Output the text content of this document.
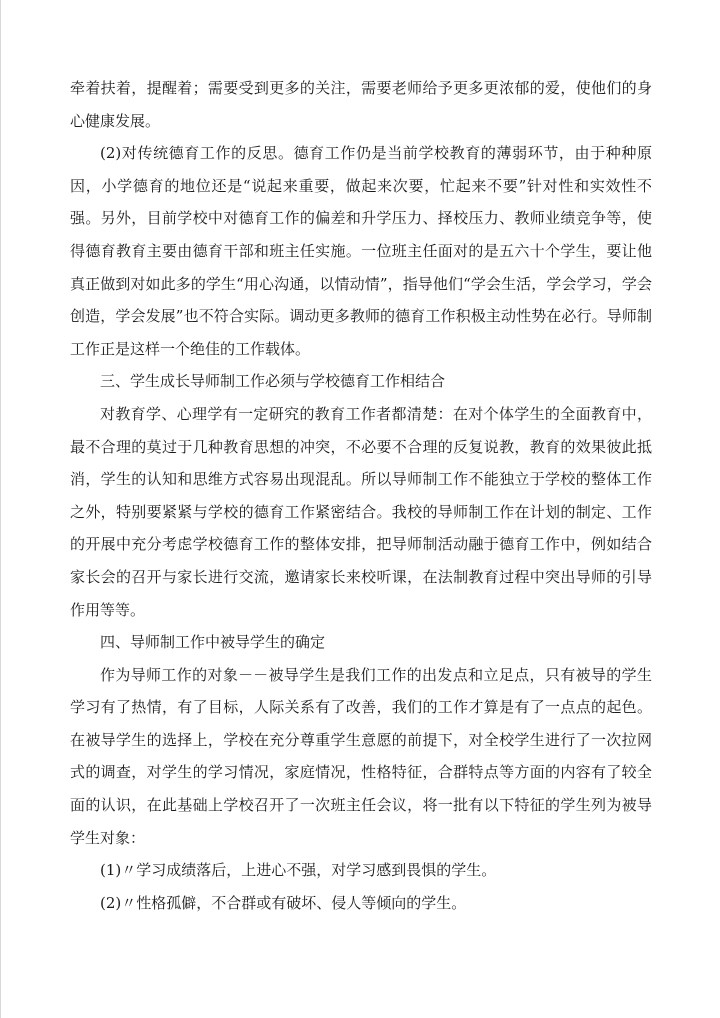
牵着扶着，提醒着；需要受到更多的关注，需要老师给予更多更浓郁的爱，使他们的身心健康发展。

(2)对传统德育工作的反思。德育工作仍是当前学校教育的薄弱环节，由于种种原因，小学德育的地位还是“说起来重要，做起来次要，忙起来不要”针对性和实效性不强。另外，目前学校中对德育工作的偏差和升学压力、择校压力、教师业绩竞争等，使得德育教育主要由德育干部和班主任实施。一位班主任面对的是五六十个学生，要让他真正做到对如此多的学生“用心沟通，以情动情”，指导他们“学会生活，学会学习，学会创造，学会发展”也不符合实际。调动更多教师的德育工作积极主动性势在必行。导师制工作正是这样一个绝佳的工作载体。

三、学生成长导师制工作必须与学校德育工作相结合

对教育学、心理学有一定研究的教育工作者都清楚：在对个体学生的全面教育中，最不合理的莫过于几种教育思想的冲突，不必要不合理的反复说教，教育的效果彼此抵消，学生的认知和思维方式容易出现混乱。所以导师制工作不能独立于学校的整体工作之外，特别要紧紧与学校的德育工作紧密结合。我校的导师制工作在计划的制定、工作的开展中充分考虑学校德育工作的整体安排，把导师制活动融于德育工作中，例如结合家长会的召开与家长进行交流，邀请家长来校听课，在法制教育过程中突出导师的引导作用等等。

四、导师制工作中被导学生的确定

作为导师工作的对象－－被导学生是我们工作的出发点和立足点，只有被导的学生学习有了热情，有了目标，人际关系有了改善，我们的工作才算是有了一点点的起色。在被导学生的选择上，学校在充分尊重学生意愿的前提下，对全校学生进行了一次拉网式的调查，对学生的学习情况，家庭情况，性格特征，合群特点等方面的内容有了较全面的认识，在此基础上学校召开了一次班主任会议，将一批有以下特征的学生列为被导学生对象：

(1)〃学习成绩落后，上进心不强，对学习感到畏惧的学生。

(2)〃性格孤僻，不合群或有破坏、侵人等倾向的学生。
